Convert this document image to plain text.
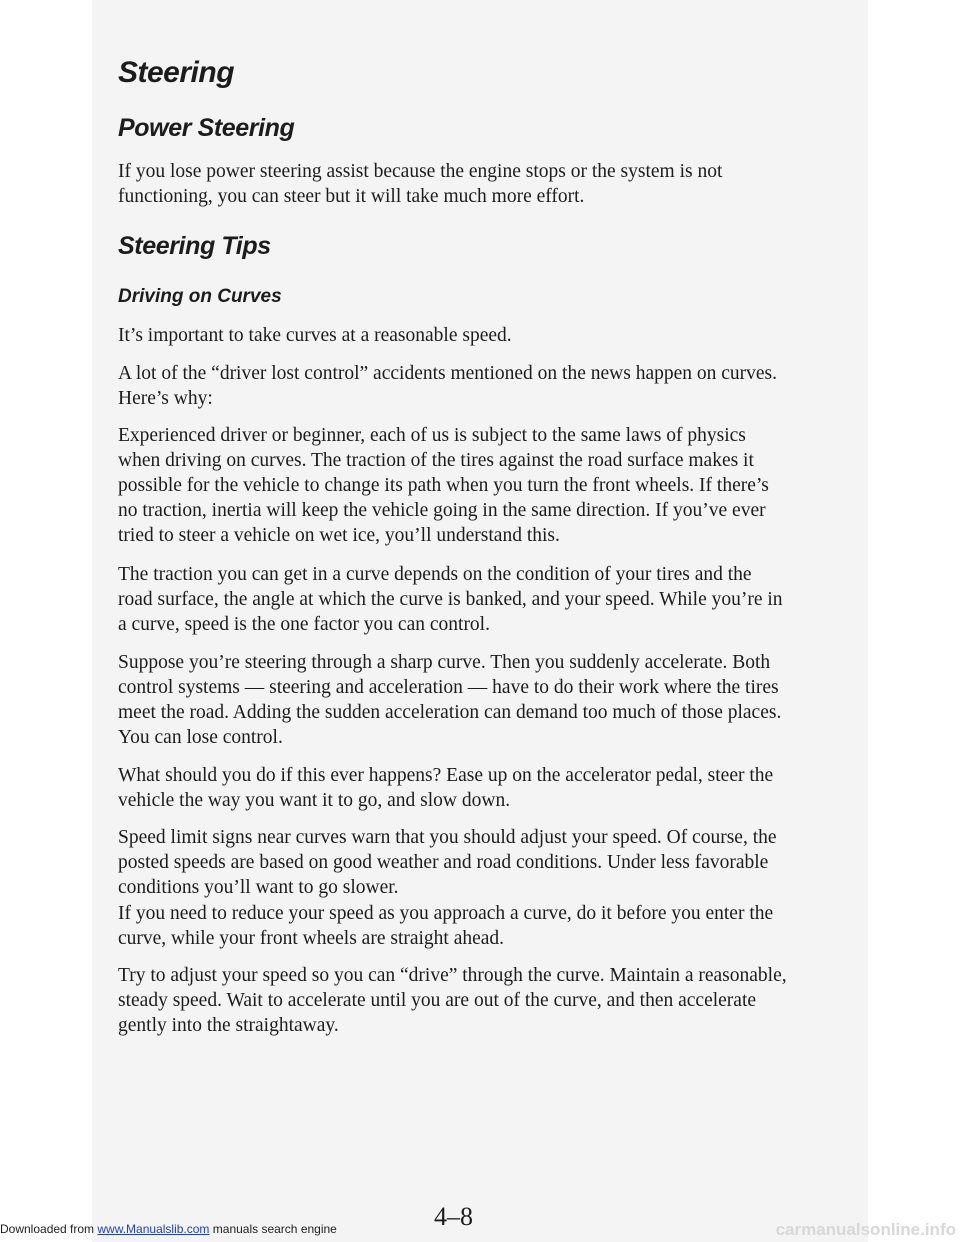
Steering
Power Steering

If you lose power steering assist because the engine stops or the system is not functioning, you can steer but it will take much more effort.

Steering Tips
Driving on Curves

It’s important to take curves at a reasonable speed.

A lot of the “driver lost control” accidents mentioned on the news happen on curves. Here’s why:

Experienced driver or beginner, each of us is subject to the same laws of physics when driving on curves. The traction of the tires against the road surface makes it possible for the vehicle to change its path when you turn the front wheels. If there’s no traction, inertia will keep the vehicle going in the same direction. If you’ve ever tried to steer a vehicle on wet ice, you’ll understand this.

The traction you can get in a curve depends on the condition of your tires and the road surface, the angle at which the curve is banked, and your speed. While you’re in a curve, speed is the one factor you can control.

Suppose you’re steering through a sharp curve. Then you suddenly accelerate. Both control systems — steering and acceleration — have to do their work where the tires meet the road. Adding the sudden acceleration can demand too much of those places. You can lose control.

What should you do if this ever happens? Ease up on the accelerator pedal, steer the vehicle the way you want it to go, and slow down.

Speed limit signs near curves warn that you should adjust your speed. Of course, the posted speeds are based on good weather and road conditions. Under less favorable conditions you’ll want to go slower.

If you need to reduce your speed as you approach a curve, do it before you enter the curve, while your front wheels are straight ahead.

Try to adjust your speed so you can “drive” through the curve. Maintain a reasonable, steady speed. Wait to accelerate until you are out of the curve, and then accelerate gently into the straightaway.

4–8
Downloaded from www.Manualslib.com manuals search engine	carmanualsonline.info
